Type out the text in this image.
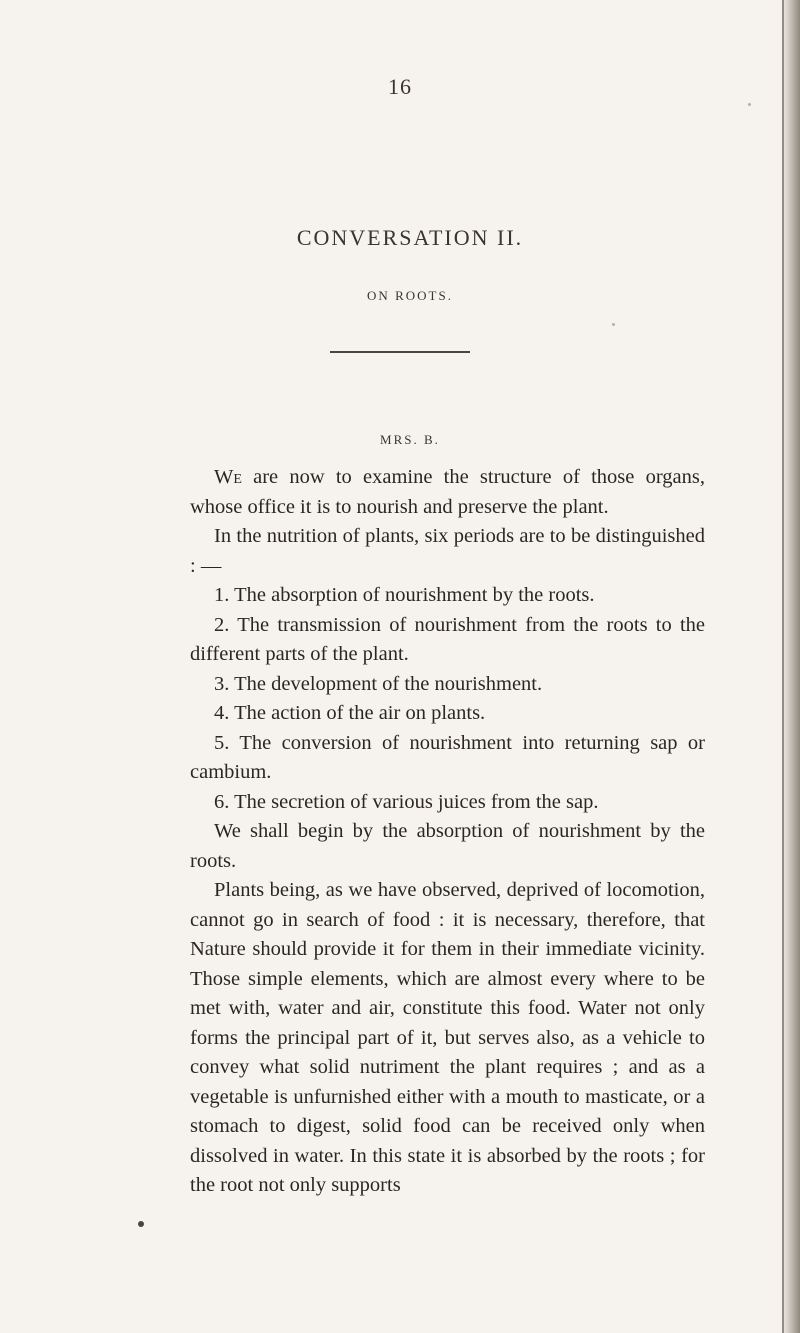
16
CONVERSATION II.
ON ROOTS.
MRS. B.

We are now to examine the structure of those organs, whose office it is to nourish and preserve the plant.

In the nutrition of plants, six periods are to be distinguished : —

1. The absorption of nourishment by the roots.

2. The transmission of nourishment from the roots to the different parts of the plant.

3. The development of the nourishment.

4. The action of the air on plants.

5. The conversion of nourishment into returning sap or cambium.

6. The secretion of various juices from the sap.

We shall begin by the absorption of nourishment by the roots.

Plants being, as we have observed, deprived of locomotion, cannot go in search of food : it is necessary, therefore, that Nature should provide it for them in their immediate vicinity. Those simple elements, which are almost every where to be met with, water and air, constitute this food. Water not only forms the principal part of it, but serves also, as a vehicle to convey what solid nutriment the plant requires ; and as a vegetable is unfurnished either with a mouth to masticate, or a stomach to digest, solid food can be received only when dissolved in water. In this state it is absorbed by the roots ; for the root not only supports
